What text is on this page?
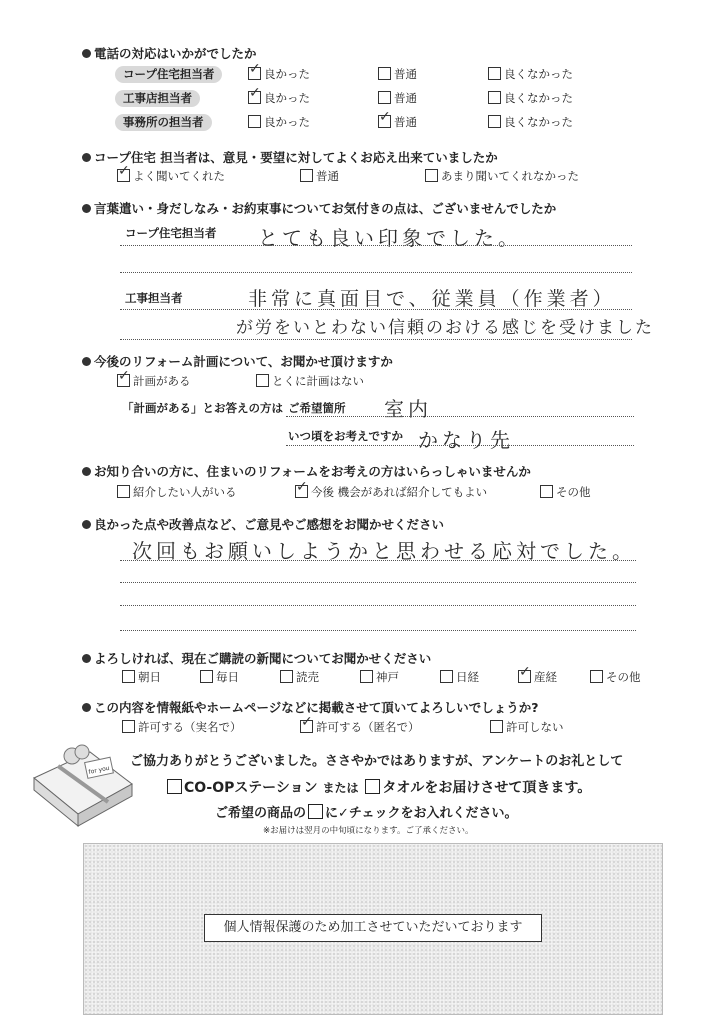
電話の対応はいかがでしたか
コープ住宅担当者 ✓	良かった	普通	良くなかった
工事店担当者 ✓	良かった	普通	良くなかった
事務所の担当者	良かった ✓	普通	良くなかった
コープ住宅 担当者は、意見・要望に対してよくお応え出来ていましたか
✓よく聞いてくれた	普通	あまり聞いてくれなかった
言葉遣い・身だしなみ・お約束事についてお気付きの点は、ございませんでしたか
コープ住宅担当者 とても良い印象でした。
工事担当者	非常に真面目で、従業員（作業者）
が労をいとわない信頼のおける感じを受けました
今後のリフォーム計画について、お聞かせ頂けますか
✓計画がある	とくに計画はない
「計画がある」とお答えの方は ご希望箇所 室内
いつ頃をお考えですか かなり先
お知り合いの方に、住まいのリフォームをお考えの方はいらっしゃいませんか
紹介したい人がいる ✓	今後 機会があれば紹介してもよい	その他
良かった点や改善点など、ご意見やご感想をお聞かせください
次回もお願いしようかと思わせる応対でした。
よろしければ、現在ご購読の新聞についてお聞かせください
朝日	毎日	読売	神戸	日経 ✓	産経	その他
この内容を情報紙やホームページなどに掲載させて頂いてよろしいでしょうか?
許可する（実名で） ✓	許可する（匿名で）	許可しない
for you
ご協力ありがとうございました。ささやかではありますが、アンケートのお礼として
CO-OPステーション または タオルをお届けさせて頂きます。
ご希望の商品の に✓チェックをお入れください。
※お届けは翌月の中旬頃になります。ご了承ください。
個人情報保護のため加工させていただいております
